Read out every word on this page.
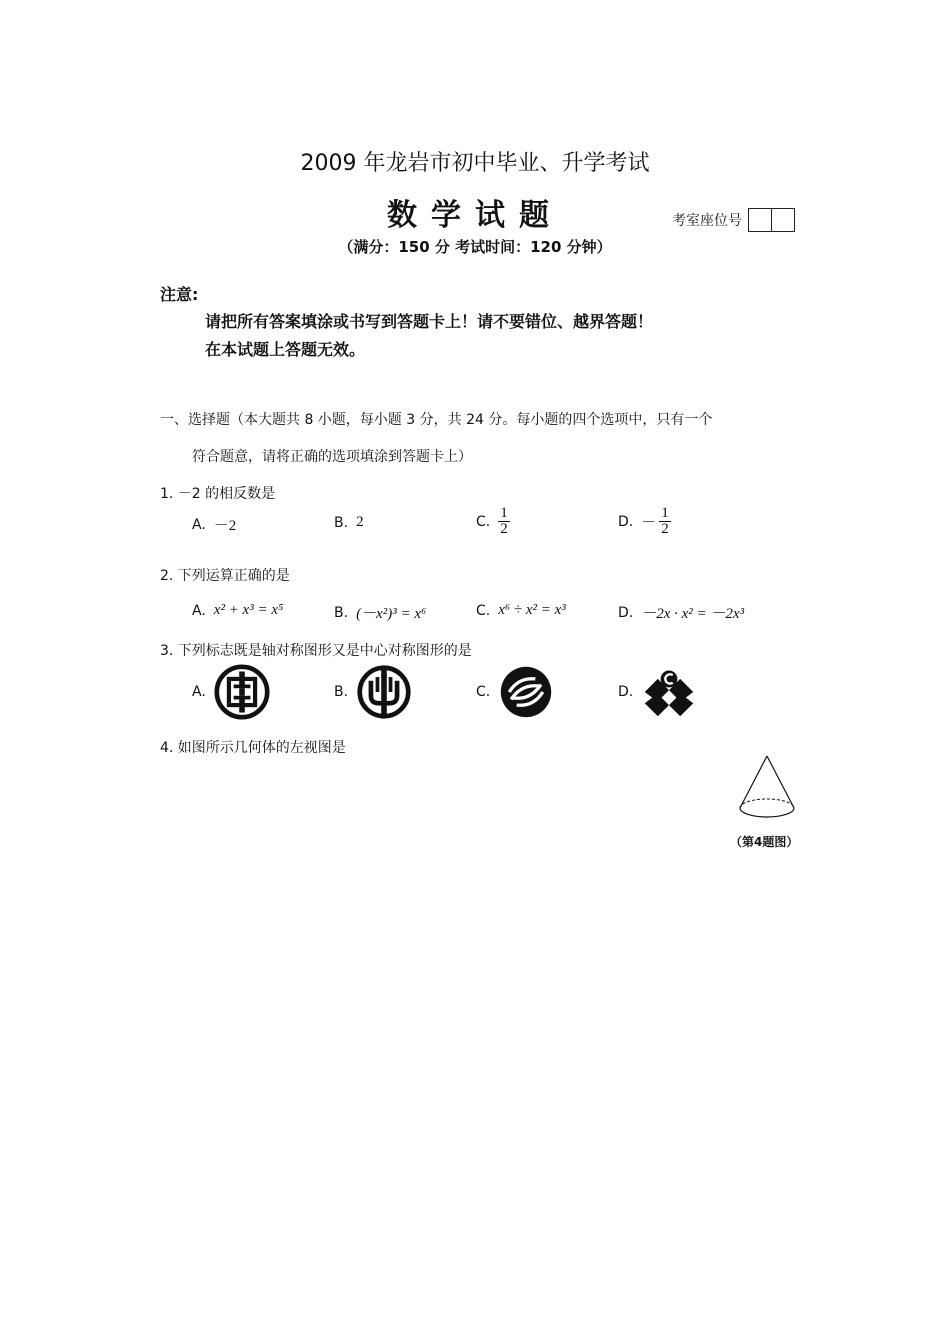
2009 年龙岩市初中毕业、升学考试
数学试题
（满分：150 分 考试时间：120 分钟）
考室座位号
注意:
请把所有答案填涂或书写到答题卡上！请不要错位、越界答题！
在本试题上答题无效。
一、选择题（本大题共 8 小题，每小题 3 分，共 24 分。每小题的四个选项中，只有一个
符合题意，请将正确的选项填涂到答题卡上）
1. －2 的相反数是
A. －2	B. 2	C. $\frac{1}{2}$	D. － $\frac{1}{2}$
2. 下列运算正确的是
A. x² + x³ = x⁵	B. (－x²)³ = x⁶	C. x⁶ ÷ x² = x³	D. －2x · x² = －2x³
3. 下列标志既是轴对称图形又是中心对称图形的是
A.	B.	C.	D.
4. 如图所示几何体的左视图是
（第4题图）
